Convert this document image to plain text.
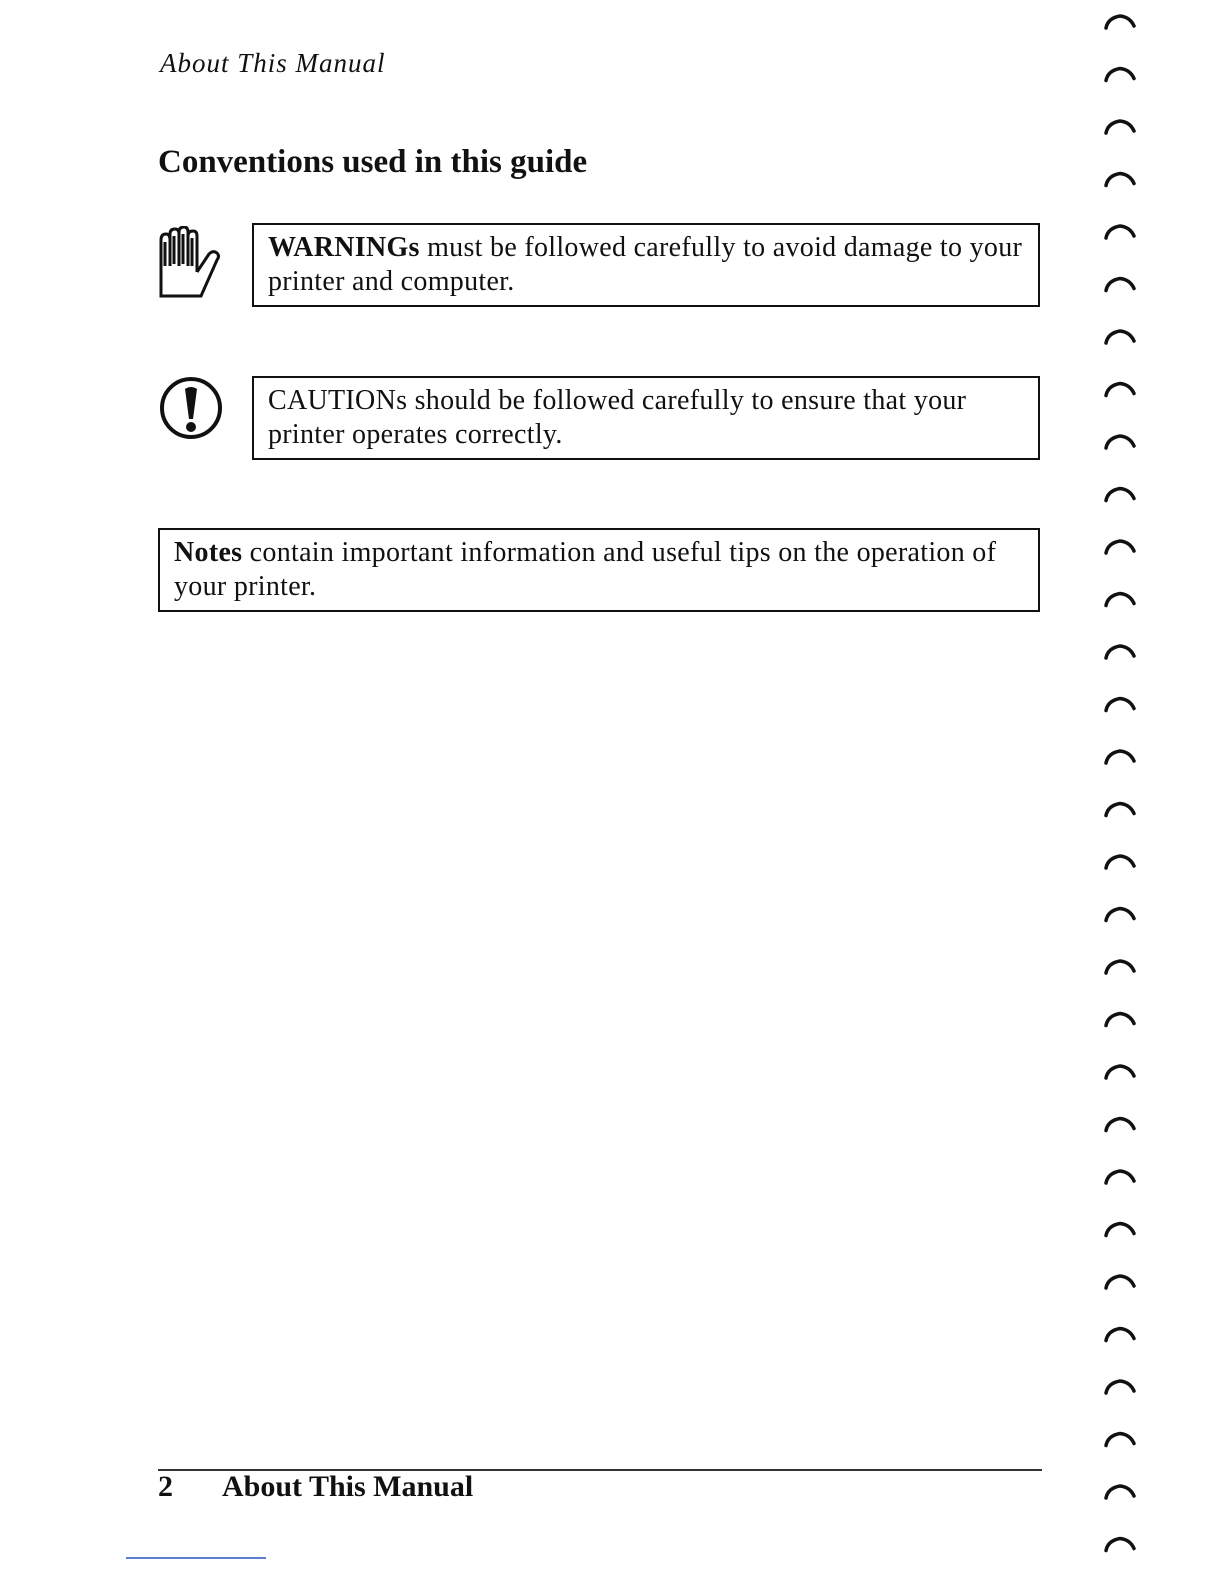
About This Manual
Conventions used in this guide
WARNINGs must be followed carefully to avoid damage to your printer and computer.
CAUTIONs should be followed carefully to ensure that your printer operates correctly.
Notes contain important information and useful tips on the operation of your printer.
2 About This Manual
